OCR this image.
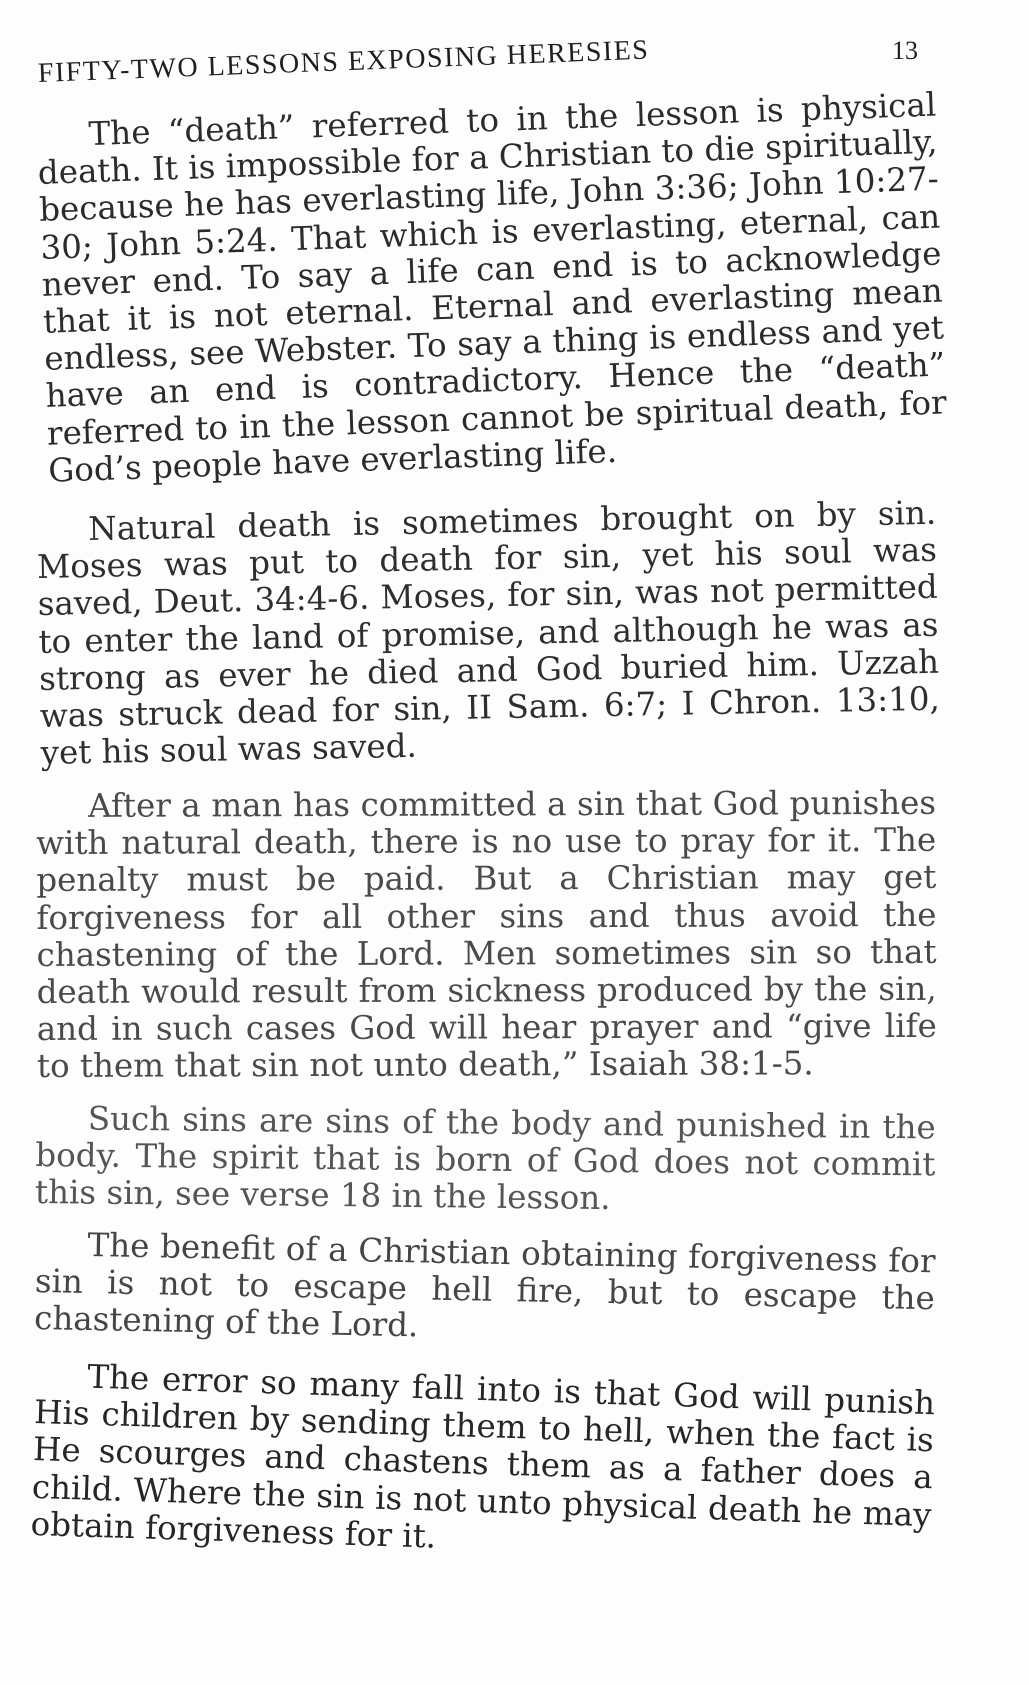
FIFTY-TWO LESSONS EXPOSING HERESIES	13

The “death” referred to in the lesson is physical death. It is impossible for a Christian to die spiritually, because he has everlasting life, John 3:36; John 10:27-30; John 5:24. That which is everlasting, eternal, can never end. To say a life can end is to acknowledge that it is not eternal. Eternal and everlasting mean endless, see Webster. To say a thing is endless and yet have an end is contradictory. Hence the “death” referred to in the lesson cannot be spiritual death, for God’s people have everlasting life.

Natural death is sometimes brought on by sin. Moses was put to death for sin, yet his soul was saved, Deut. 34:4-6. Moses, for sin, was not permitted to enter the land of promise, and although he was as strong as ever he died and God buried him. Uzzah was struck dead for sin, II Sam. 6:7; I Chron. 13:10, yet his soul was saved.

After a man has committed a sin that God punishes with natural death, there is no use to pray for it. The penalty must be paid. But a Christian may get forgiveness for all other sins and thus avoid the chastening of the Lord. Men sometimes sin so that death would result from sickness produced by the sin, and in such cases God will hear prayer and “give life to them that sin not unto death,” Isaiah 38:1-5.

Such sins are sins of the body and punished in the body. The spirit that is born of God does not commit this sin, see verse 18 in the lesson.

The benefit of a Christian obtaining forgiveness for sin is not to escape hell fire, but to escape the chastening of the Lord.

The error so many fall into is that God will punish His children by sending them to hell, when the fact is He scourges and chastens them as a father does a child. Where the sin is not unto physical death he may obtain forgiveness for it.
